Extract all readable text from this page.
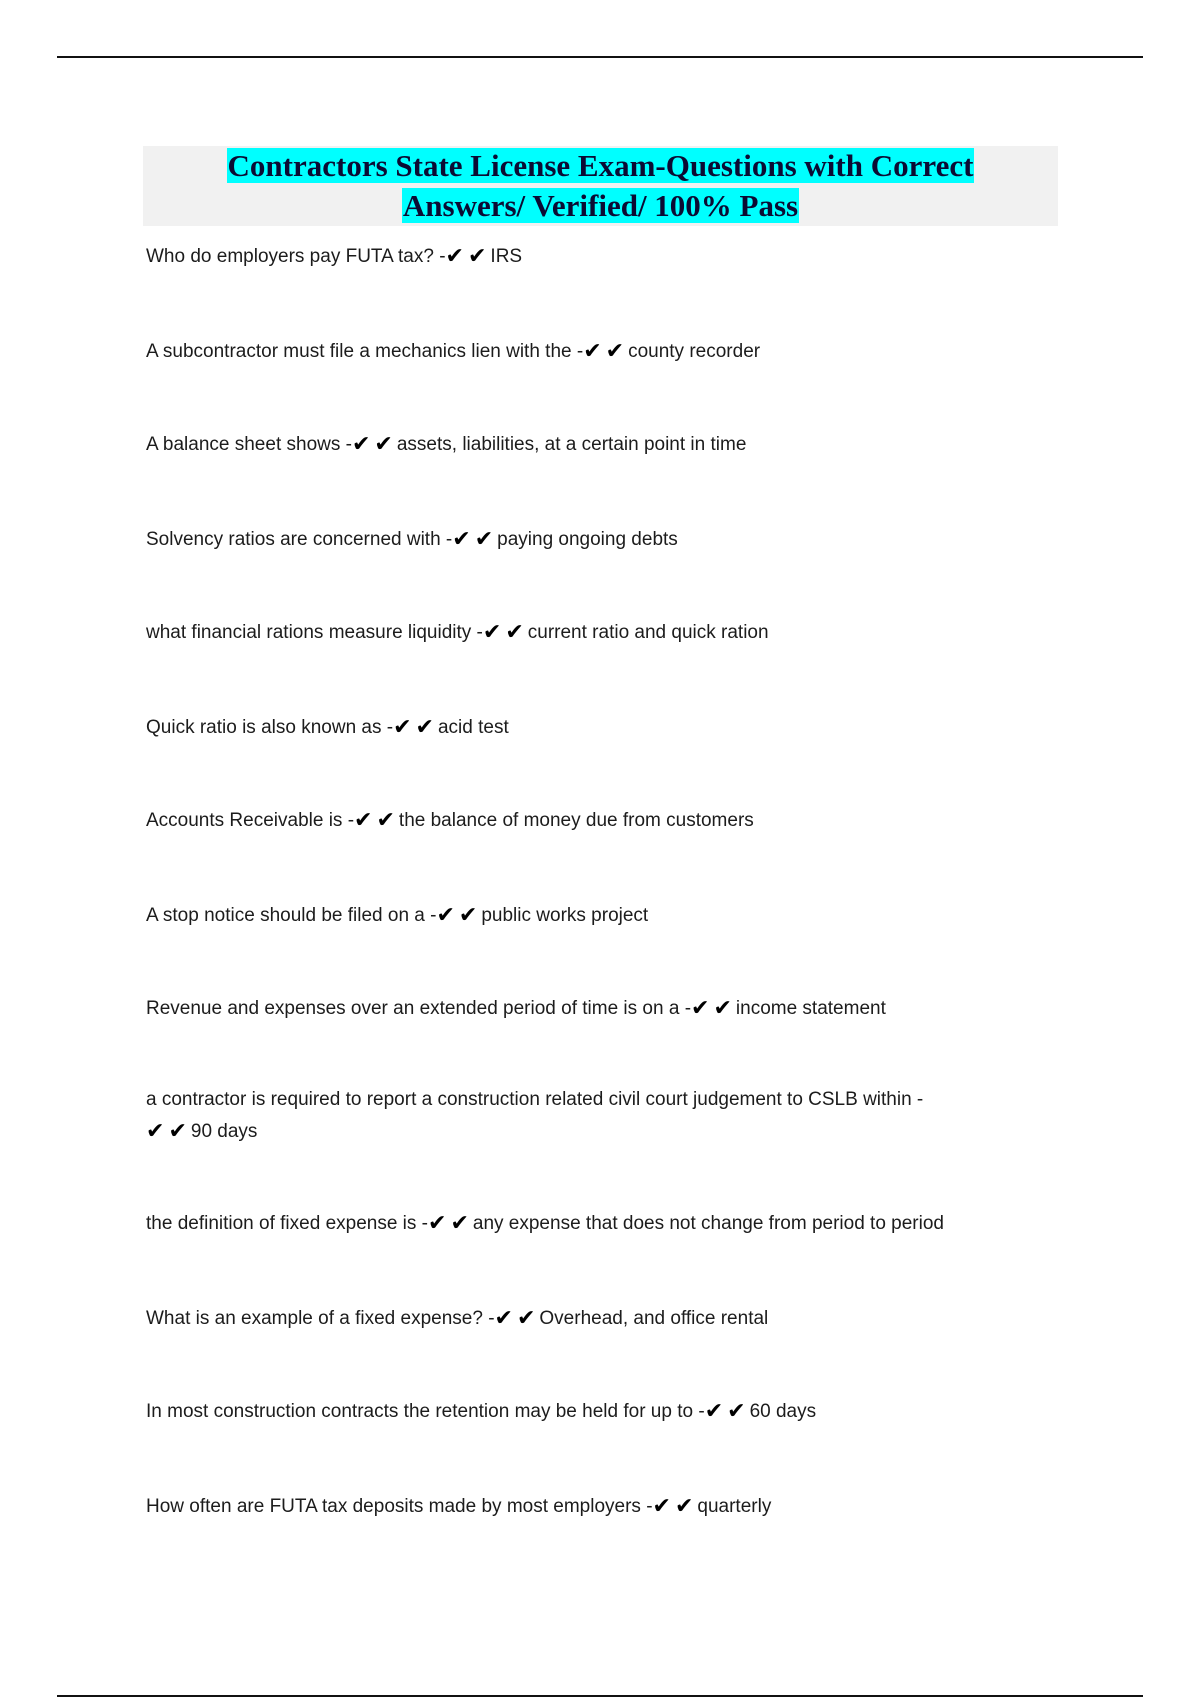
Contractors State License Exam-Questions with Correct
Answers/ Verified/ 100% Pass
Who do employers pay FUTA tax? -✔ ✔ IRS
A subcontractor must file a mechanics lien with the -✔ ✔ county recorder
A balance sheet shows -✔ ✔ assets, liabilities, at a certain point in time
Solvency ratios are concerned with -✔ ✔ paying ongoing debts
what financial rations measure liquidity -✔ ✔ current ratio and quick ration
Quick ratio is also known as -✔ ✔ acid test
Accounts Receivable is -✔ ✔ the balance of money due from customers
A stop notice should be filed on a -✔ ✔ public works project
Revenue and expenses over an extended period of time is on a -✔ ✔ income statement
a contractor is required to report a construction related civil court judgement to CSLB within -
✔ ✔ 90 days
the definition of fixed expense is -✔ ✔ any expense that does not change from period to period
What is an example of a fixed expense? -✔ ✔ Overhead, and office rental
In most construction contracts the retention may be held for up to -✔ ✔ 60 days
How often are FUTA tax deposits made by most employers -✔ ✔ quarterly
